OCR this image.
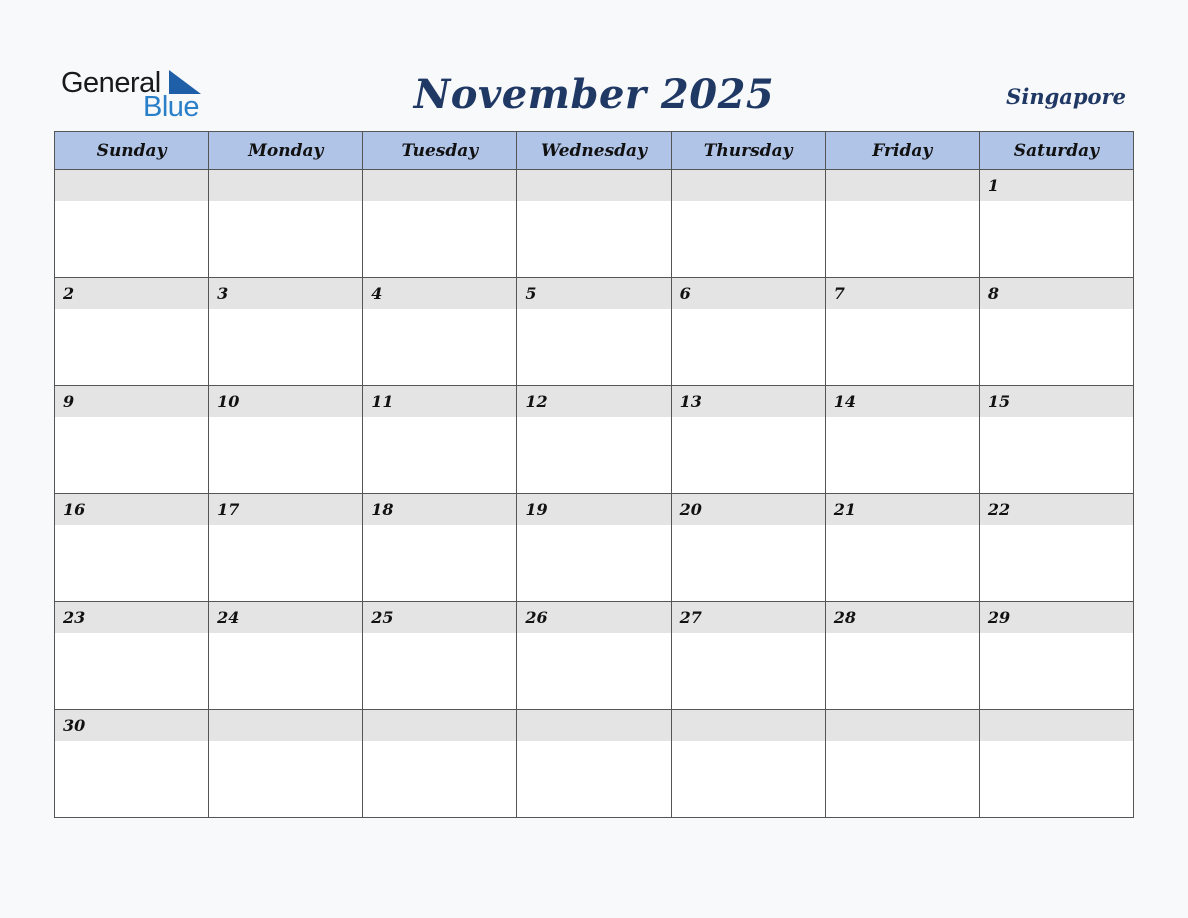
General
Blue	November 2025	Singapore
Sunday	Monday	Tuesday	Wednesday	Thursday	Friday	Saturday

						1

2	3	4	5	6	7	8

9	10	11	12	13	14	15

16	17	18	19	20	21	22

23	24	25	26	27	28	29

30						
